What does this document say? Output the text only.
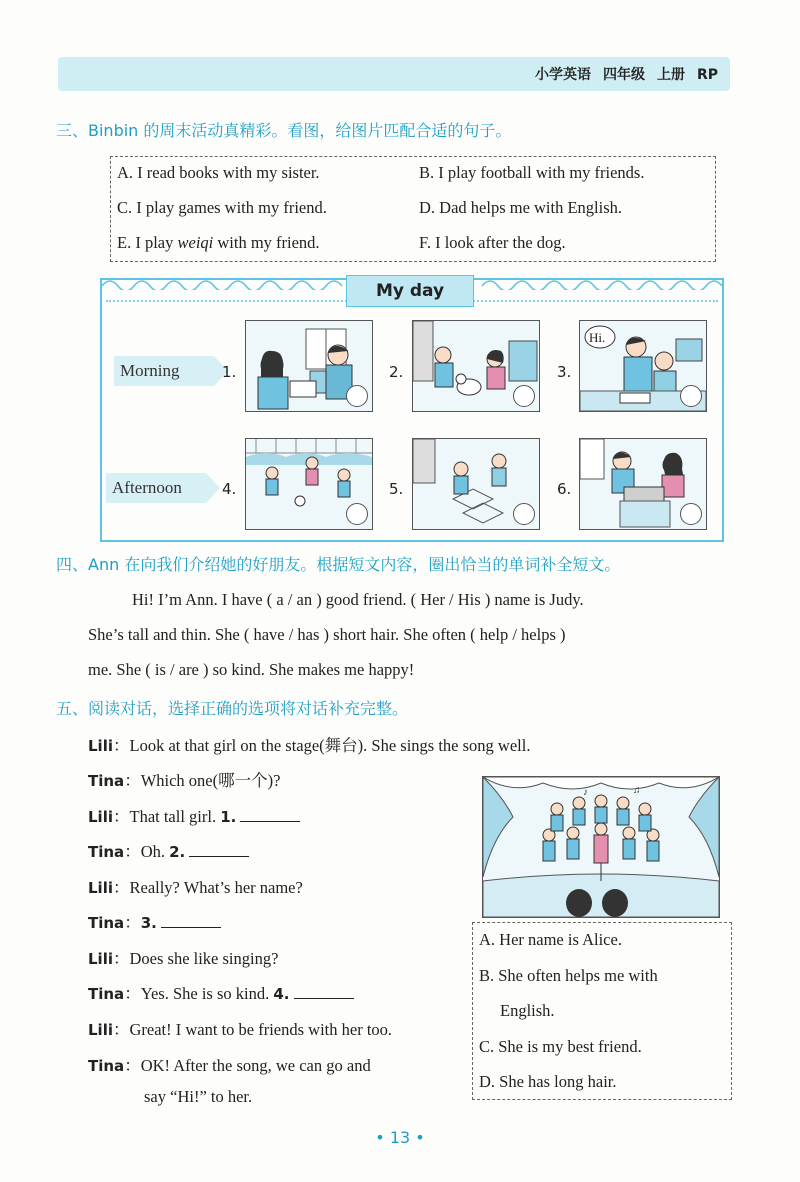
小学英语 四年级 上册 RP
三、Binbin 的周末活动真精彩。看图，给图片匹配合适的句子。
A. I read books with my sister.	B. I play football with my friends.
C. I play games with my friend.	D. Dad helps me with English.
E. I play weiqi with my friend.	F. I look after the dog.
My day
Morning
Afternoon
1.	2.	3.
4.	5.	6.
Hi.
四、Ann 在向我们介绍她的好朋友。根据短文内容，圈出恰当的单词补全短文。
Hi! I’m Ann. I have ( a / an ) good friend. ( Her / His ) name is Judy.
She’s tall and thin. She ( have / has ) short hair. She often ( help / helps )
me. She ( is / are ) so kind. She makes me happy!
五、阅读对话，选择正确的选项将对话补充完整。
Lili：Look at that girl on the stage(舞台). She sings the song well.
Tina：Which one(哪一个)?
Lili：That tall girl. 1.
Tina：Oh. 2.
Lili：Really? What’s her name?
Tina：3.
Lili：Does she like singing?
Tina：Yes. She is so kind. 4.
Lili：Great! I want to be friends with her too.
Tina：OK! After the song, we can go and
say “Hi!” to her.
♪	♫
A. Her name is Alice.
B. She often helps me with
English.
C. She is my best friend.
D. She has long hair.
• 13 •
